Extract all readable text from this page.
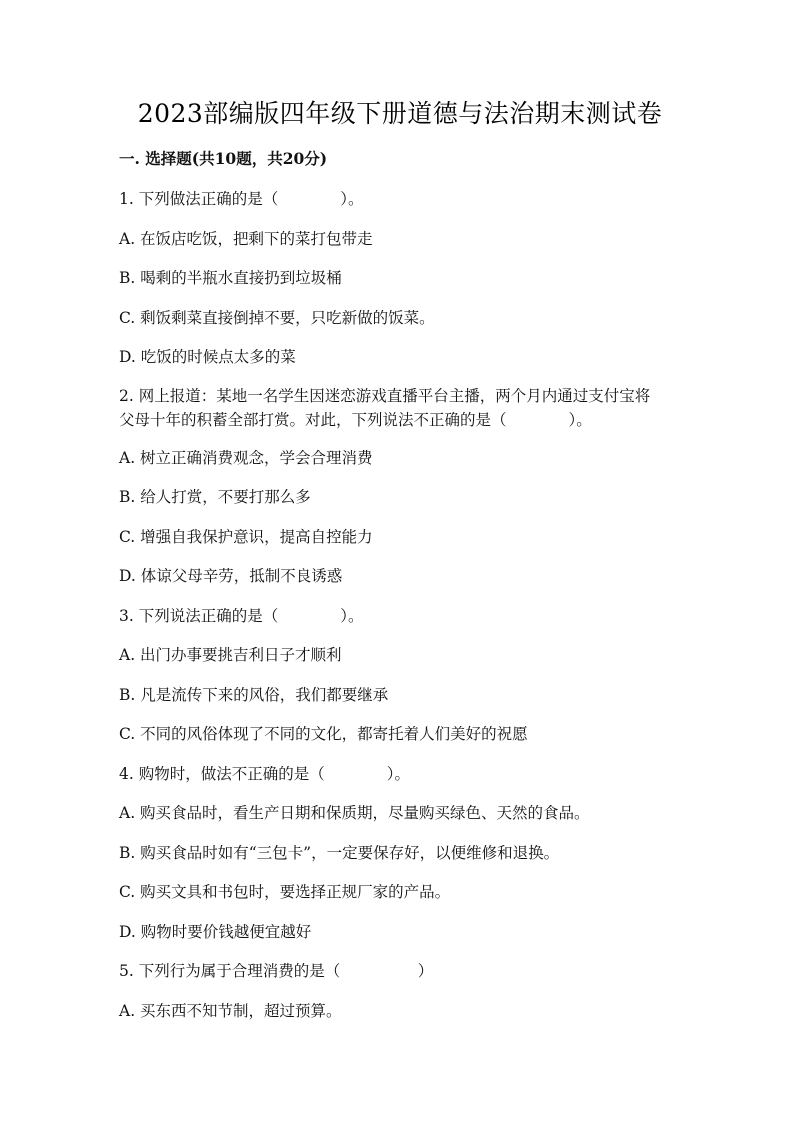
2023部编版四年级下册道德与法治期末测试卷
一. 选择题(共10题，共20分)
1. 下列做法正确的是（　　　　）。
A. 在饭店吃饭，把剩下的菜打包带走
B. 喝剩的半瓶水直接扔到垃圾桶
C. 剩饭剩菜直接倒掉不要，只吃新做的饭菜。
D. 吃饭的时候点太多的菜
2. 网上报道：某地一名学生因迷恋游戏直播平台主播，两个月内通过支付宝将
父母十年的积蓄全部打赏。对此，下列说法不正确的是（　　　　）。
A. 树立正确消费观念，学会合理消费
B. 给人打赏，不要打那么多
C. 增强自我保护意识，提高自控能力
D. 体谅父母辛劳，抵制不良诱惑
3. 下列说法正确的是（　　　　）。
A. 出门办事要挑吉利日子才顺利
B. 凡是流传下来的风俗，我们都要继承
C. 不同的风俗体现了不同的文化，都寄托着人们美好的祝愿
4. 购物时，做法不正确的是（　　　　）。
A. 购买食品时，看生产日期和保质期，尽量购买绿色、天然的食品。
B. 购买食品时如有“三包卡”，一定要保存好，以便维修和退换。
C. 购买文具和书包时，要选择正规厂家的产品。
D. 购物时要价钱越便宜越好
5. 下列行为属于合理消费的是（　　　　　）
A. 买东西不知节制，超过预算。
